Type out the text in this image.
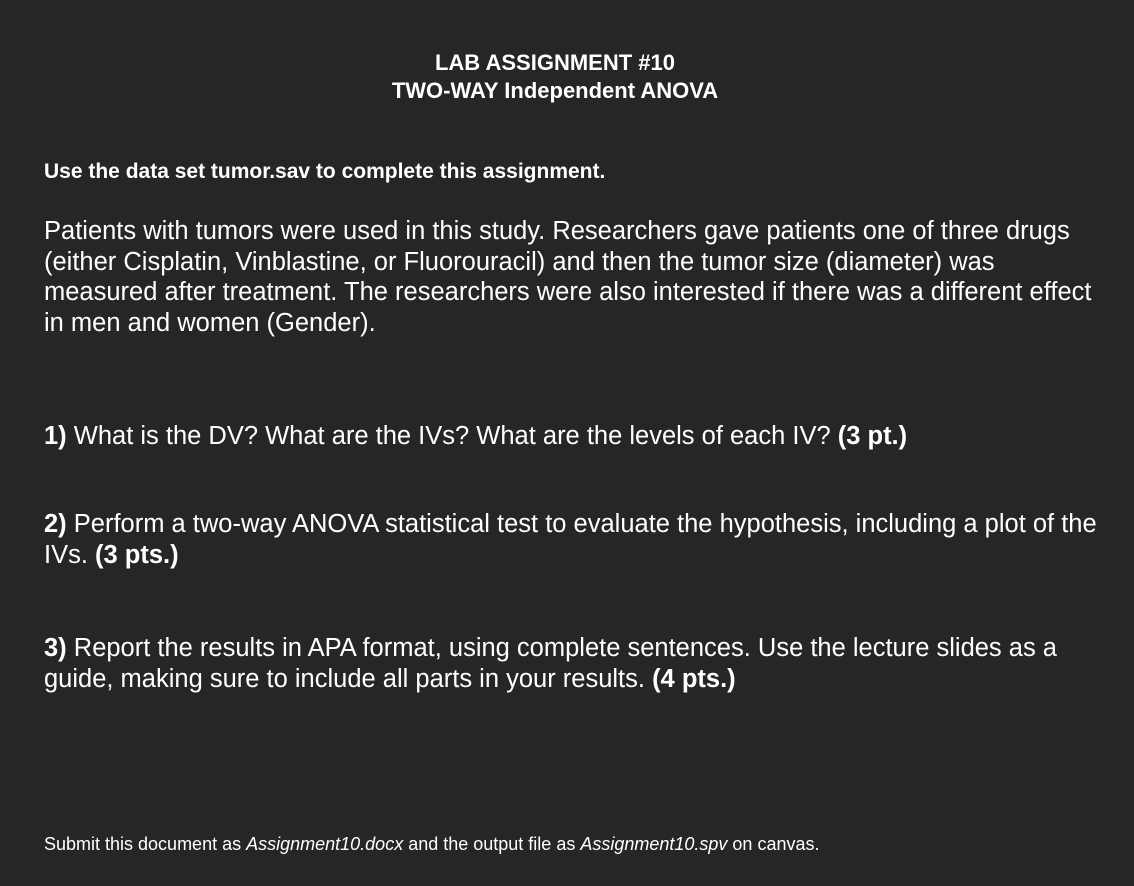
LAB ASSIGNMENT #10
TWO-WAY Independent ANOVA

Use the data set tumor.sav to complete this assignment.

Patients with tumors were used in this study. Researchers gave patients one of three drugs (either Cisplatin, Vinblastine, or Fluorouracil) and then the tumor size (diameter) was measured after treatment. The researchers were also interested if there was a different effect in men and women (Gender).

1) What is the DV? What are the IVs? What are the levels of each IV? (3 pt.)

2) Perform a two-way ANOVA statistical test to evaluate the hypothesis, including a plot of the IVs. (3 pts.)

3) Report the results in APA format, using complete sentences. Use the lecture slides as a guide, making sure to include all parts in your results. (4 pts.)

Submit this document as Assignment10.docx and the output file as Assignment10.spv on canvas.
